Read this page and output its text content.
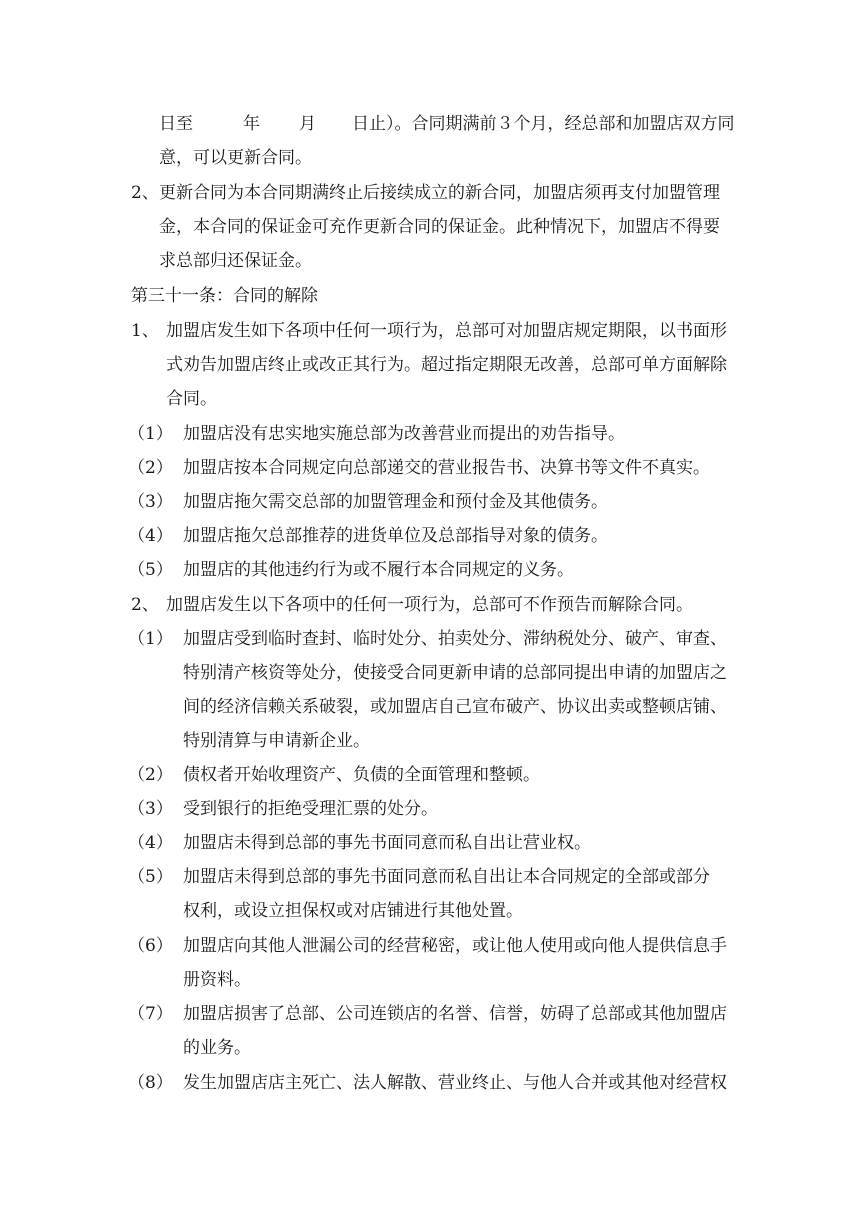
日至	年 月 日止）。合同期满前３个月，经总部和加盟店双方同
意，可以更新合同。
2、 更新合同为本合同期满终止后接续成立的新合同，加盟店须再支付加盟管理
金，本合同的保证金可充作更新合同的保证金。此种情况下，加盟店不得要
求总部归还保证金。
第三十一条：合同的解除
1、 加盟店发生如下各项中任何一项行为，总部可对加盟店规定期限，以书面形
式劝告加盟店终止或改正其行为。超过指定期限无改善，总部可单方面解除
合同。
（1） 加盟店没有忠实地实施总部为改善营业而提出的劝告指导。
（2） 加盟店按本合同规定向总部递交的营业报告书、决算书等文件不真实。
（3） 加盟店拖欠需交总部的加盟管理金和预付金及其他债务。
（4） 加盟店拖欠总部推荐的进货单位及总部指导对象的债务。
（5） 加盟店的其他违约行为或不履行本合同规定的义务。
2、 加盟店发生以下各项中的任何一项行为，总部可不作预告而解除合同。
（1） 加盟店受到临时查封、临时处分、拍卖处分、滞纳税处分、破产、审查、
特别清产核资等处分，使接受合同更新申请的总部同提出申请的加盟店之
间的经济信赖关系破裂，或加盟店自己宣布破产、协议出卖或整顿店铺、
特别清算与申请新企业。
（2） 债权者开始收理资产、负债的全面管理和整顿。
（3） 受到银行的拒绝受理汇票的处分。
（4） 加盟店未得到总部的事先书面同意而私自出让营业权。
（5） 加盟店未得到总部的事先书面同意而私自出让本合同规定的全部或部分
权利，或设立担保权或对店铺进行其他处置。
（6） 加盟店向其他人泄漏公司的经营秘密，或让他人使用或向他人提供信息手
册资料。
（7） 加盟店损害了总部、公司连锁店的名誉、信誉，妨碍了总部或其他加盟店
的业务。
（8） 发生加盟店店主死亡、法人解散、营业终止、与他人合并或其他对经营权
